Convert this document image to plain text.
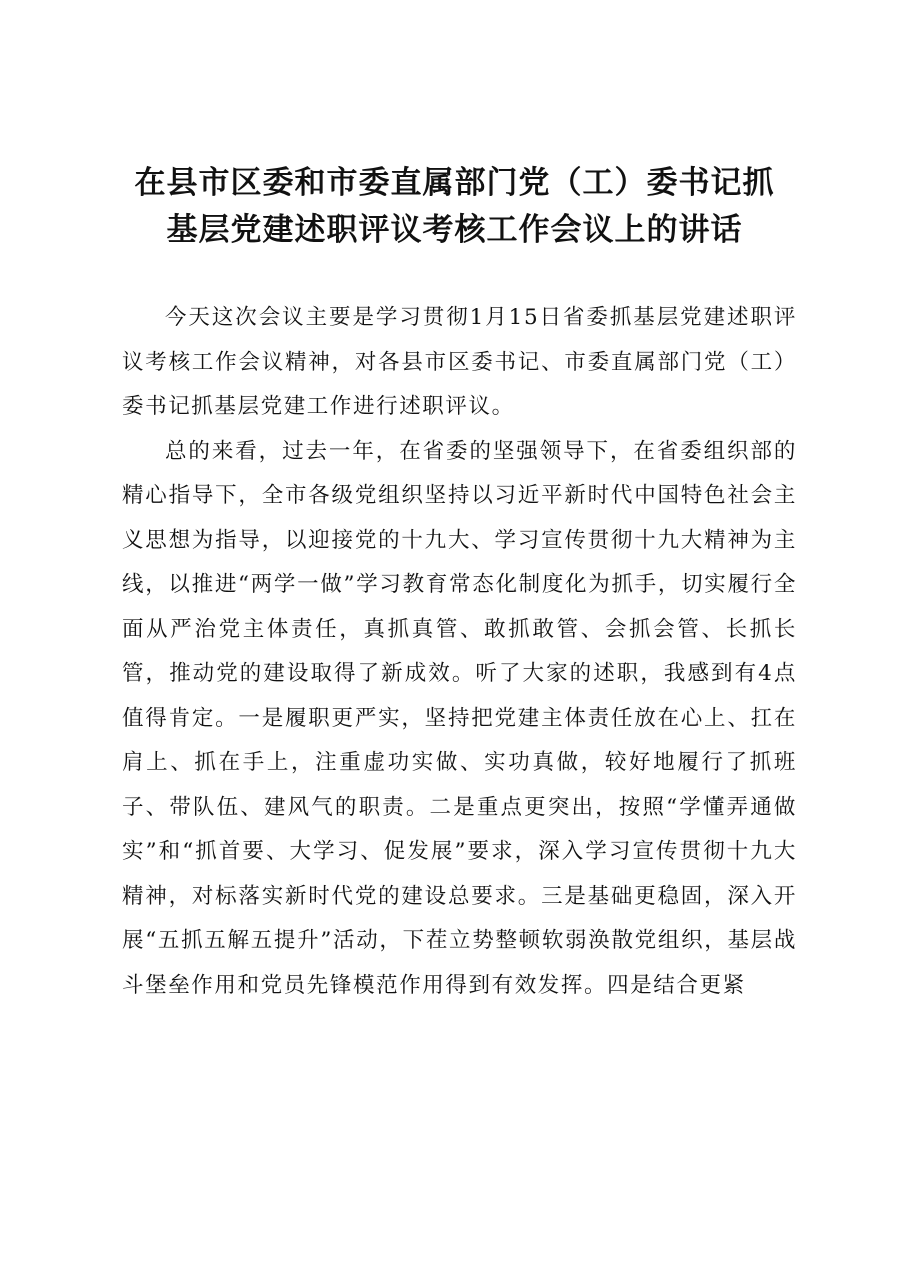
在县市区委和市委直属部门党（工）委书记抓
基层党建述职评议考核工作会议上的讲话

今天这次会议主要是学习贯彻1月15日省委抓基层党建述职评议考核工作会议精神，对各县市区委书记、市委直属部门党（工）委书记抓基层党建工作进行述职评议。

总的来看，过去一年，在省委的坚强领导下，在省委组织部的精心指导下，全市各级党组织坚持以习近平新时代中国特色社会主义思想为指导，以迎接党的十九大、学习宣传贯彻十九大精神为主线，以推进“两学一做”学习教育常态化制度化为抓手，切实履行全面从严治党主体责任，真抓真管、敢抓敢管、会抓会管、长抓长管，推动党的建设取得了新成效。听了大家的述职，我感到有4点值得肯定。一是履职更严实，坚持把党建主体责任放在心上、扛在肩上、抓在手上，注重虚功实做、实功真做，较好地履行了抓班子、带队伍、建风气的职责。二是重点更突出，按照“学懂弄通做实”和“抓首要、大学习、促发展”要求，深入学习宣传贯彻十九大精神，对标落实新时代党的建设总要求。三是基础更稳固，深入开展“五抓五解五提升”活动，下茬立势整顿软弱涣散党组织，基层战斗堡垒作用和党员先锋模范作用得到有效发挥。四是结合更紧
